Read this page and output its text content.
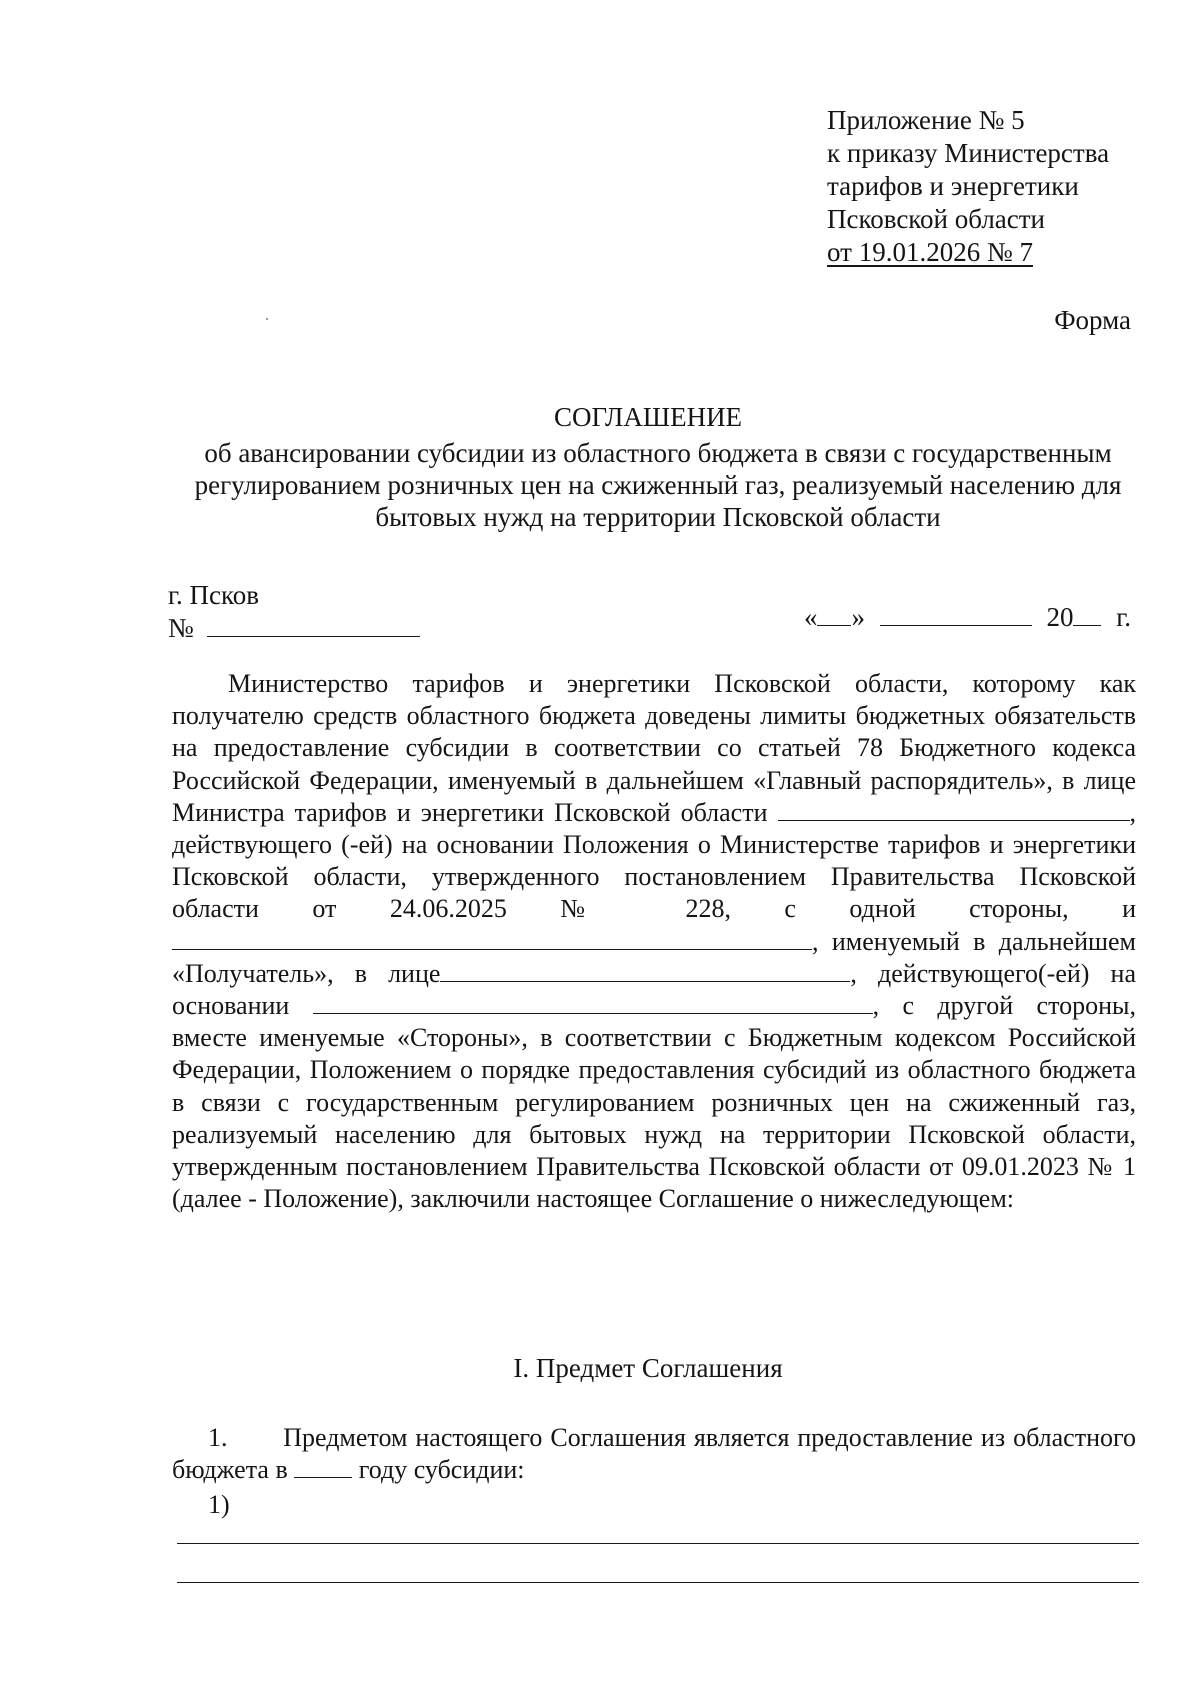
Приложение № 5
к приказу Министерства
тарифов и энергетики
Псковской области
от 19.01.2026 № 7
Форма
СОГЛАШЕНИЕ
об авансировании субсидии из областного бюджета в связи с государственным регулированием розничных цен на сжиженный газ, реализуемый населению для бытовых нужд на территории Псковской области
г. Псков
№	« »	20 г.

Министерство тарифов и энергетики Псковской области, которому как получателю средств областного бюджета доведены лимиты бюджетных обязательств на предоставление субсидии в соответствии со статьей 78 Бюджетного кодекса Российской Федерации, именуемый в дальнейшем «Главный распорядитель», в лице Министра тарифов и энергетики Псковской области	, действующего (-ей) на основании Положения о Министерстве тарифов и энергетики Псковской области, утвержденного постановлением Правительства Псковской области от 24.06.2025 № 228, с одной стороны, и , именуемый в дальнейшем «Получатель», в лице	, действующего(-ей) на основании	, с другой стороны, вместе именуемые «Стороны», в соответствии с Бюджетным кодексом Российской Федерации, Положением о порядке предоставления субсидий из областного бюджета в связи с государственным регулированием розничных цен на сжиженный газ, реализуемый населению для бытовых нужд на территории Псковской области, утвержденным постановлением Правительства Псковской области от 09.01.2023 № 1 (далее - Положение), заключили настоящее Соглашение о нижеследующем:

I. Предмет Соглашения

1.       Предметом настоящего Соглашения является предоставление из областного бюджета в	году субсидии:

1)
